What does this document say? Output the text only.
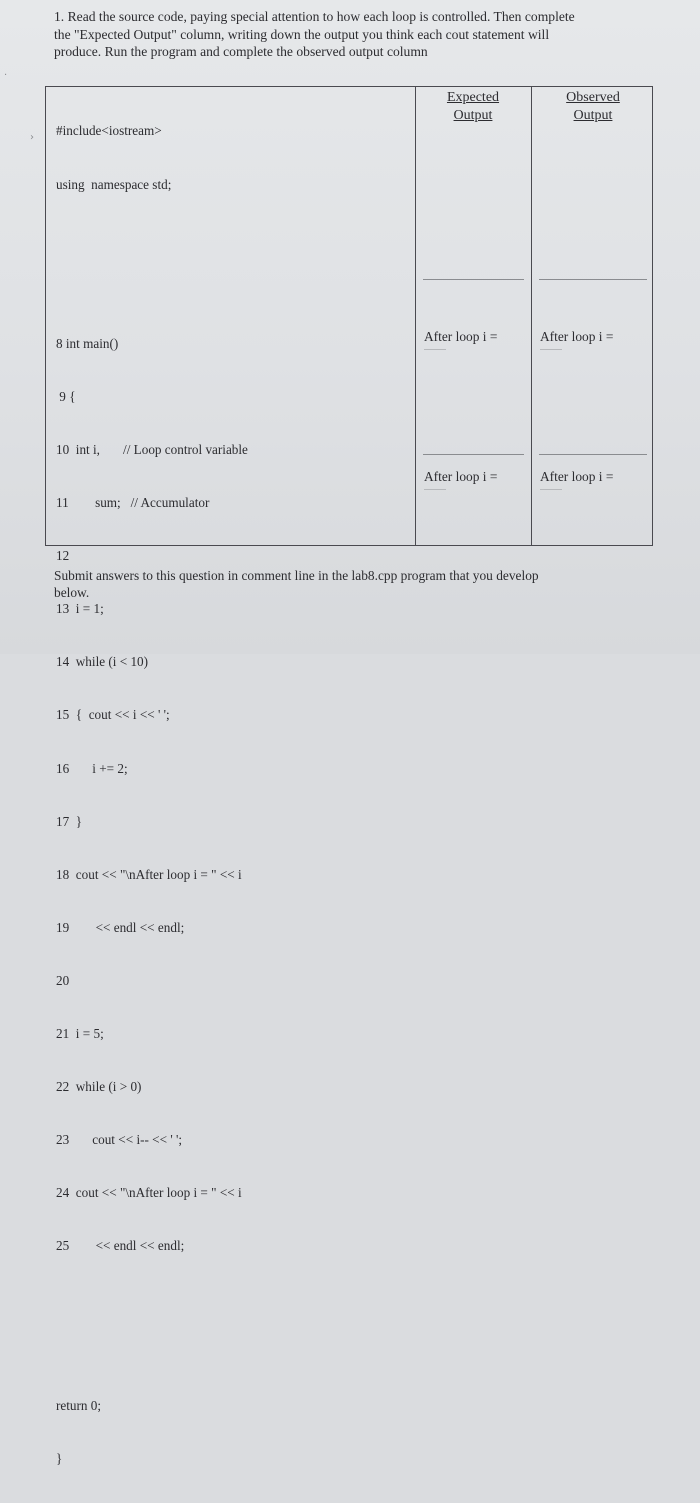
1. Read the source code, paying special attention to how each loop is controlled. Then complete
the "Expected Output" column, writing down the output you think each cout statement will
produce. Run the program and complete the observed output column
Expected
Output
Observed
Output

#include<iostream>

using  namespace std;

8 int main()

9 {

10  int i,       // Loop control variable

11        sum;   // Accumulator

12

13  i = 1;

14  while (i < 10)

15  {  cout << i << ' ';

16       i += 2;

17  }

18  cout << "\nAfter loop i = " << i

19        << endl << endl;

20

21  i = 5;

22  while (i > 0)

23       cout << i-- << ' ';

24  cout << "\nAfter loop i = " << i

25        << endl << endl;

return 0;

}

After loop i =	After loop i =
After loop i =	After loop i =
Submit answers to this question in comment line in the lab8.cpp program that you develop
below.
›
·
